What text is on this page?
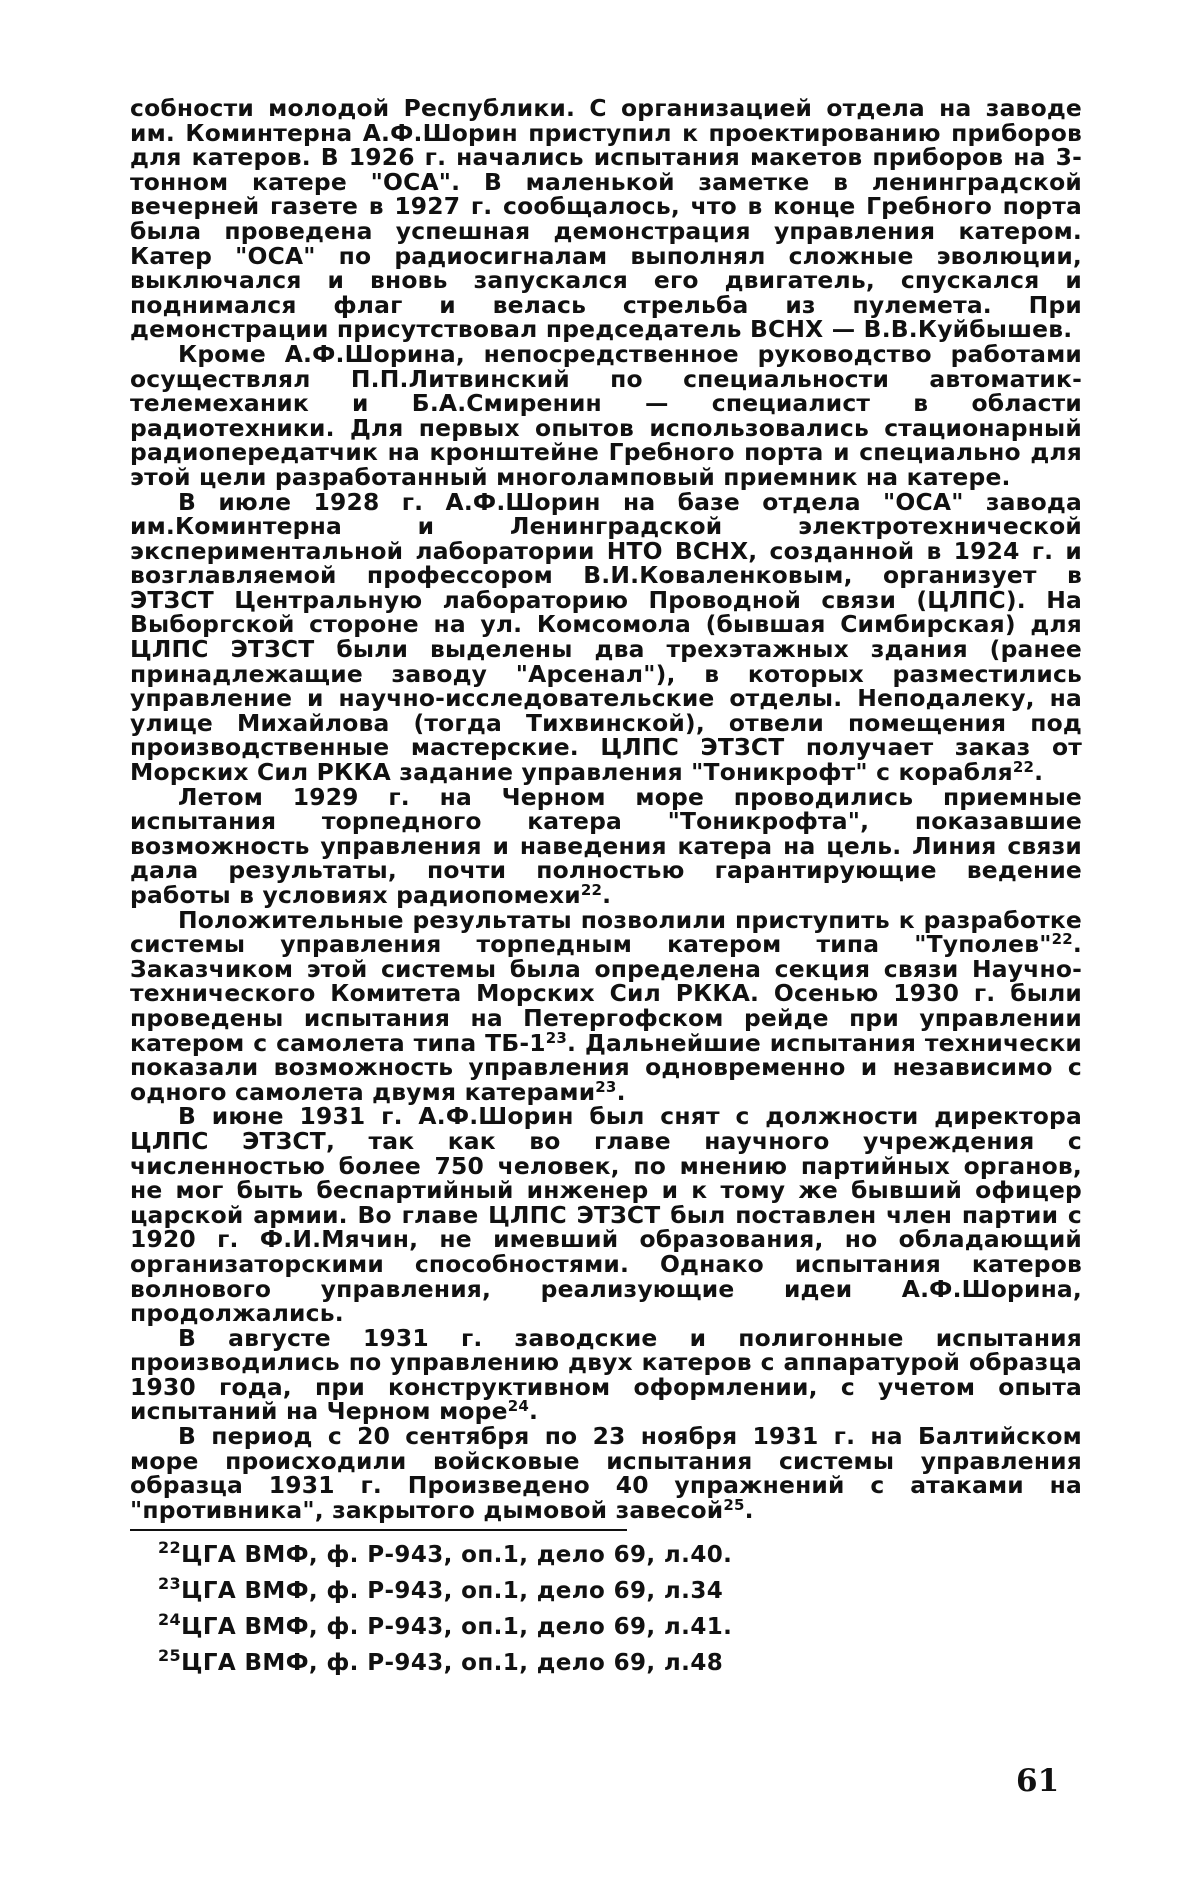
собности молодой Республики. С организацией отдела на заводе им. Коминтерна А.Ф.Шорин приступил к проектированию приборов для катеров. В 1926 г. начались испытания макетов приборов на 3-тонном катере "ОСА". В маленькой заметке в ленинградской вечерней газете в 1927 г. сообщалось, что в конце Гребного порта была проведена успешная демонстрация управления катером. Катер "ОСА" по радиосигналам выполнял сложные эволюции, выключался и вновь запускался его двигатель, спускался и поднимался флаг и велась стрельба из пулемета. При демонстрации присутствовал председатель ВСНХ — В.В.Куйбышев.

Кроме А.Ф.Шорина, непосредственное руководство работами осуществлял П.П.Литвинский по специальности автоматик-телемеханик и Б.А.Смиренин — специалист в области радиотехники. Для первых опытов использовались стационарный радиопередатчик на кронштейне Гребного порта и специально для этой цели разработанный многоламповый приемник на катере.

В июле 1928 г. А.Ф.Шорин на базе отдела "ОСА" завода им.Коминтерна и Ленинградской электротехнической экспериментальной лаборатории НТО ВСНХ, созданной в 1924 г. и возглавляемой профессором В.И.Коваленковым, организует в ЭТЗСТ Центральную лабораторию Проводной связи (ЦЛПС). На Выборгской стороне на ул. Комсомола (бывшая Симбирская) для ЦЛПС ЭТЗСТ были выделены два трехэтажных здания (ранее принадлежащие заводу "Арсенал"), в которых разместились управление и научно-исследовательские отделы. Неподалеку, на улице Михайлова (тогда Тихвинской), отвели помещения под производственные мастерские. ЦЛПС ЭТЗСТ получает заказ от Морских Сил РККА задание управления "Тоникрофт" с корабля$^{22}$.

Летом 1929 г. на Черном море проводились приемные испытания торпедного катера "Тоникрофта", показавшие возможность управления и наведения катера на цель. Линия связи дала результаты, почти полностью гарантирующие ведение работы в условиях радиопомехи$^{22}$.

Положительные результаты позволили приступить к разработке системы управления торпедным катером типа "Туполев"$^{22}$. Заказчиком этой системы была определена секция связи Научно-технического Комитета Морских Сил РККА. Осенью 1930 г. были проведены испытания на Петергофском рейде при управлении катером с самолета типа ТБ-1$^{23}$. Дальнейшие испытания технически показали возможность управления одновременно и независимо с одного самолета двумя катерами$^{23}$.

В июне 1931 г. А.Ф.Шорин был снят с должности директора ЦЛПС ЭТЗСТ, так как во главе научного учреждения с численностью более 750 человек, по мнению партийных органов, не мог быть беспартийный инженер и к тому же бывший офицер царской армии. Во главе ЦЛПС ЭТЗСТ был поставлен член партии с 1920 г. Ф.И.Мячин, не имевший образования, но обладающий организаторскими способностями. Однако испытания катеров волнового управления, реализующие идеи А.Ф.Шорина, продолжались.

В августе 1931 г. заводские и полигонные испытания производились по управлению двух катеров с аппаратурой образца 1930 года, при конструктивном оформлении, с учетом опыта испытаний на Черном море$^{24}$.

В период с 20 сентября по 23 ноября 1931 г. на Балтийском море происходили войсковые испытания системы управления образца 1931 г. Произведено 40 упражнений с атаками на "противника", закрытого дымовой завесой$^{25}$.

$^{22}$ЦГА ВМФ, ф. Р-943, оп.1, дело 69, л.40.
$^{23}$ЦГА ВМФ, ф. Р-943, оп.1, дело 69, л.34
$^{24}$ЦГА ВМФ, ф. Р-943, оп.1, дело 69, л.41.
$^{25}$ЦГА ВМФ, ф. Р-943, оп.1, дело 69, л.48
61
